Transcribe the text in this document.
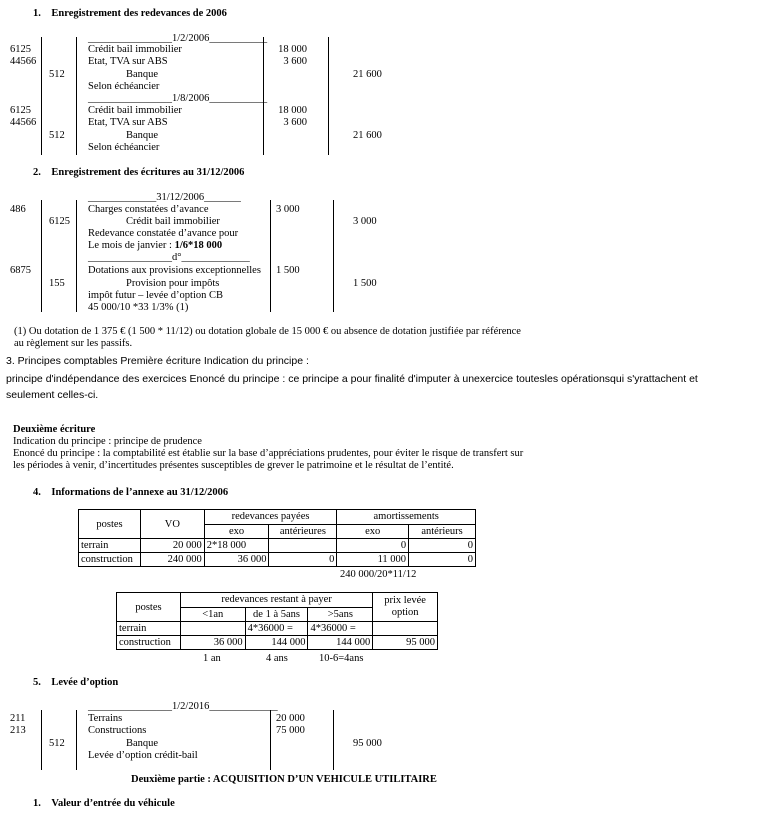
1.    Enregistrement des redevances de 2006
________________1/2/2006___________
6125	Crédit bail immobilier	18 000
44566	Etat, TVA sur ABS	3 600
512	Banque	21 600
Selon échéancier
________________1/8/2006___________
6125	Crédit bail immobilier	18 000
44566	Etat, TVA sur ABS	3 600
512	Banque	21 600
Selon échéancier
2.    Enregistrement des écritures au 31/12/2006
_____________31/12/2006_______
486	Charges constatées d’avance	3 000
6125	Crédit bail immobilier	3 000
Redevance constatée d’avance pour
Le mois de janvier : 1/6*18 000
________________d°_____________
6875	Dotations aux provisions exceptionnelles 1 500
155	Provision pour impôts	1 500
impôt futur – levée d’option CB
45 000/10 *33 1/3% (1)
(1) Ou dotation de 1 375 € (1 500 * 11/12) ou dotation globale de 15 000 € ou absence de dotation justifiée par référence
au règlement sur les passifs.
3. Principes comptables Première écriture Indication du principe :
principe d'indépendance des exercices Enoncé du principe : ce principe a pour finalité d'imputer à unexercice toutesles opérationsqui s'yrattachent et
seulement celles-ci.
Deuxième écriture
Indication du principe : principe de prudence
Enoncé du principe : la comptabilité est établie sur la base d’appréciations prudentes, pour éviter le risque de transfert sur
les périodes à venir, d’incertitudes présentes susceptibles de grever le patrimoine et le résultat de l’entité.
4.    Informations de l’annexe au 31/12/2006
postes	VO	redevances payées		amortissements	
		exo	antérieures	exo	antérieurs
terrain	20 000	2*18 000		0	0
construction	240 000	36 000	0	11 000	0
240 000/20*11/12
postes	redevances restant à payer			prix levée
option
	<1an	de 1 à 5ans	>5ans	
terrain		4*36000 =	4*36000 =	
construction	36 000	144 000	144 000	95 000
1 an	4 ans	10-6=4ans
5.    Levée d’option
________________1/2/2016_____________
211	Terrains	20 000
213	Constructions	75 000
512	Banque	95 000
Levée d’option crédit-bail
Deuxième partie : ACQUISITION D’UN VEHICULE UTILITAIRE
1.    Valeur d’entrée du véhicule
